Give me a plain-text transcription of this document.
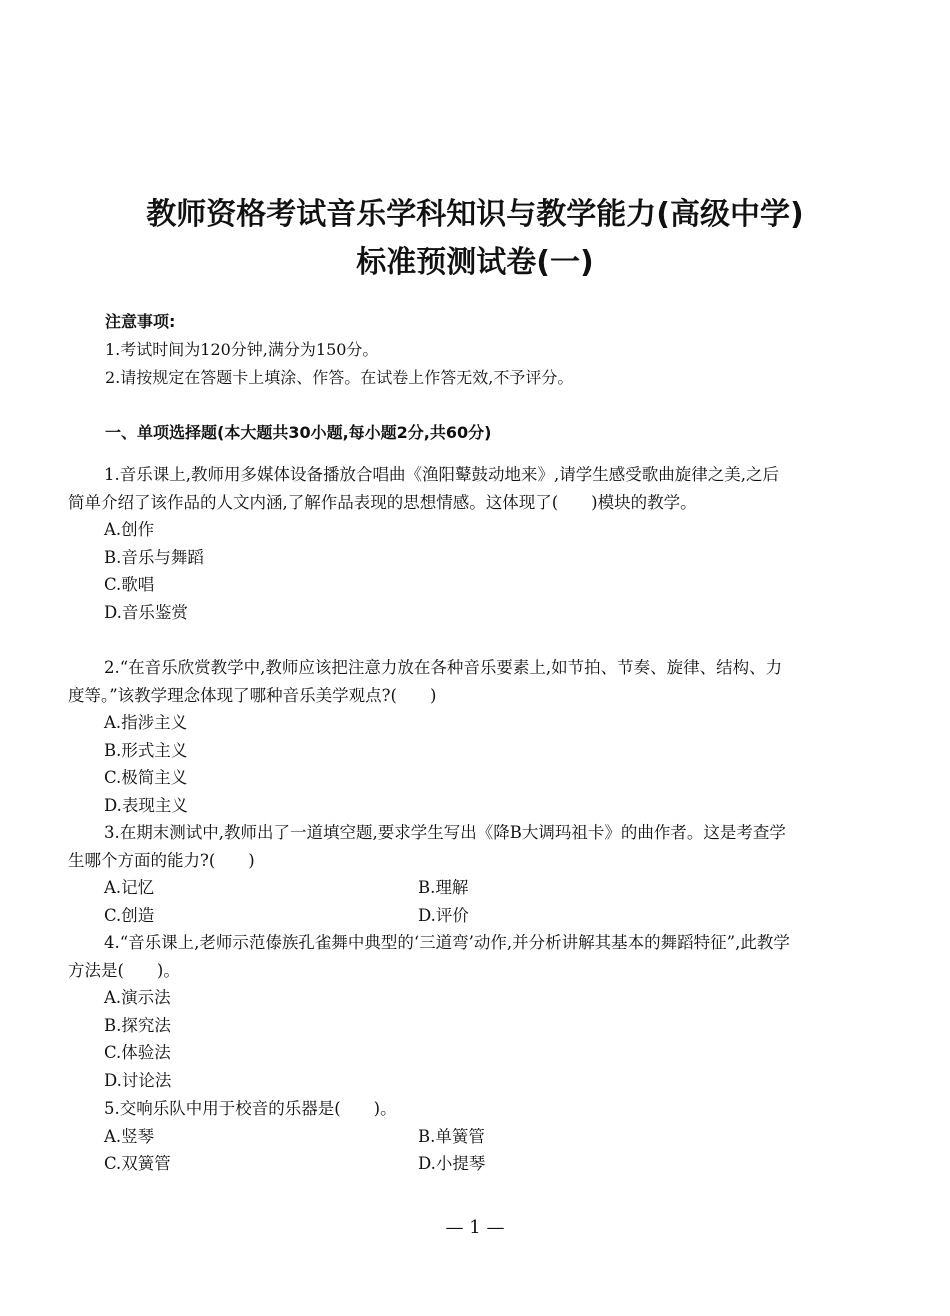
教师资格考试音乐学科知识与教学能力(高级中学)
标准预测试卷(一)
注意事项:
1.考试时间为120分钟,满分为150分。
2.请按规定在答题卡上填涂、作答。在试卷上作答无效,不予评分。
一、单项选择题(本大题共30小题,每小题2分,共60分)

1.音乐课上,教师用多媒体设备播放合唱曲《渔阳鼙鼓动地来》,请学生感受歌曲旋律之美,之后简单介绍了该作品的人文内涵,了解作品表现的思想情感。这体现了(　　)模块的教学。

A.创作
B.音乐与舞蹈
C.歌唱
D.音乐鉴赏

2.“在音乐欣赏教学中,教师应该把注意力放在各种音乐要素上,如节拍、节奏、旋律、结构、力度等。”该教学理念体现了哪种音乐美学观点?(　　)

A.指涉主义
B.形式主义
C.极简主义
D.表现主义

3.在期末测试中,教师出了一道填空题,要求学生写出《降B大调玛祖卡》的曲作者。这是考查学生哪个方面的能力?(　　)

A.记忆	B.理解
C.创造	D.评价

4.“音乐课上,老师示范傣族孔雀舞中典型的‘三道弯’动作,并分析讲解其基本的舞蹈特征”,此教学方法是(　　)。

A.演示法
B.探究法
C.体验法
D.讨论法

5.交响乐队中用于校音的乐器是(　　)。

A.竖琴	B.单簧管
C.双簧管	D.小提琴
— 1 —
